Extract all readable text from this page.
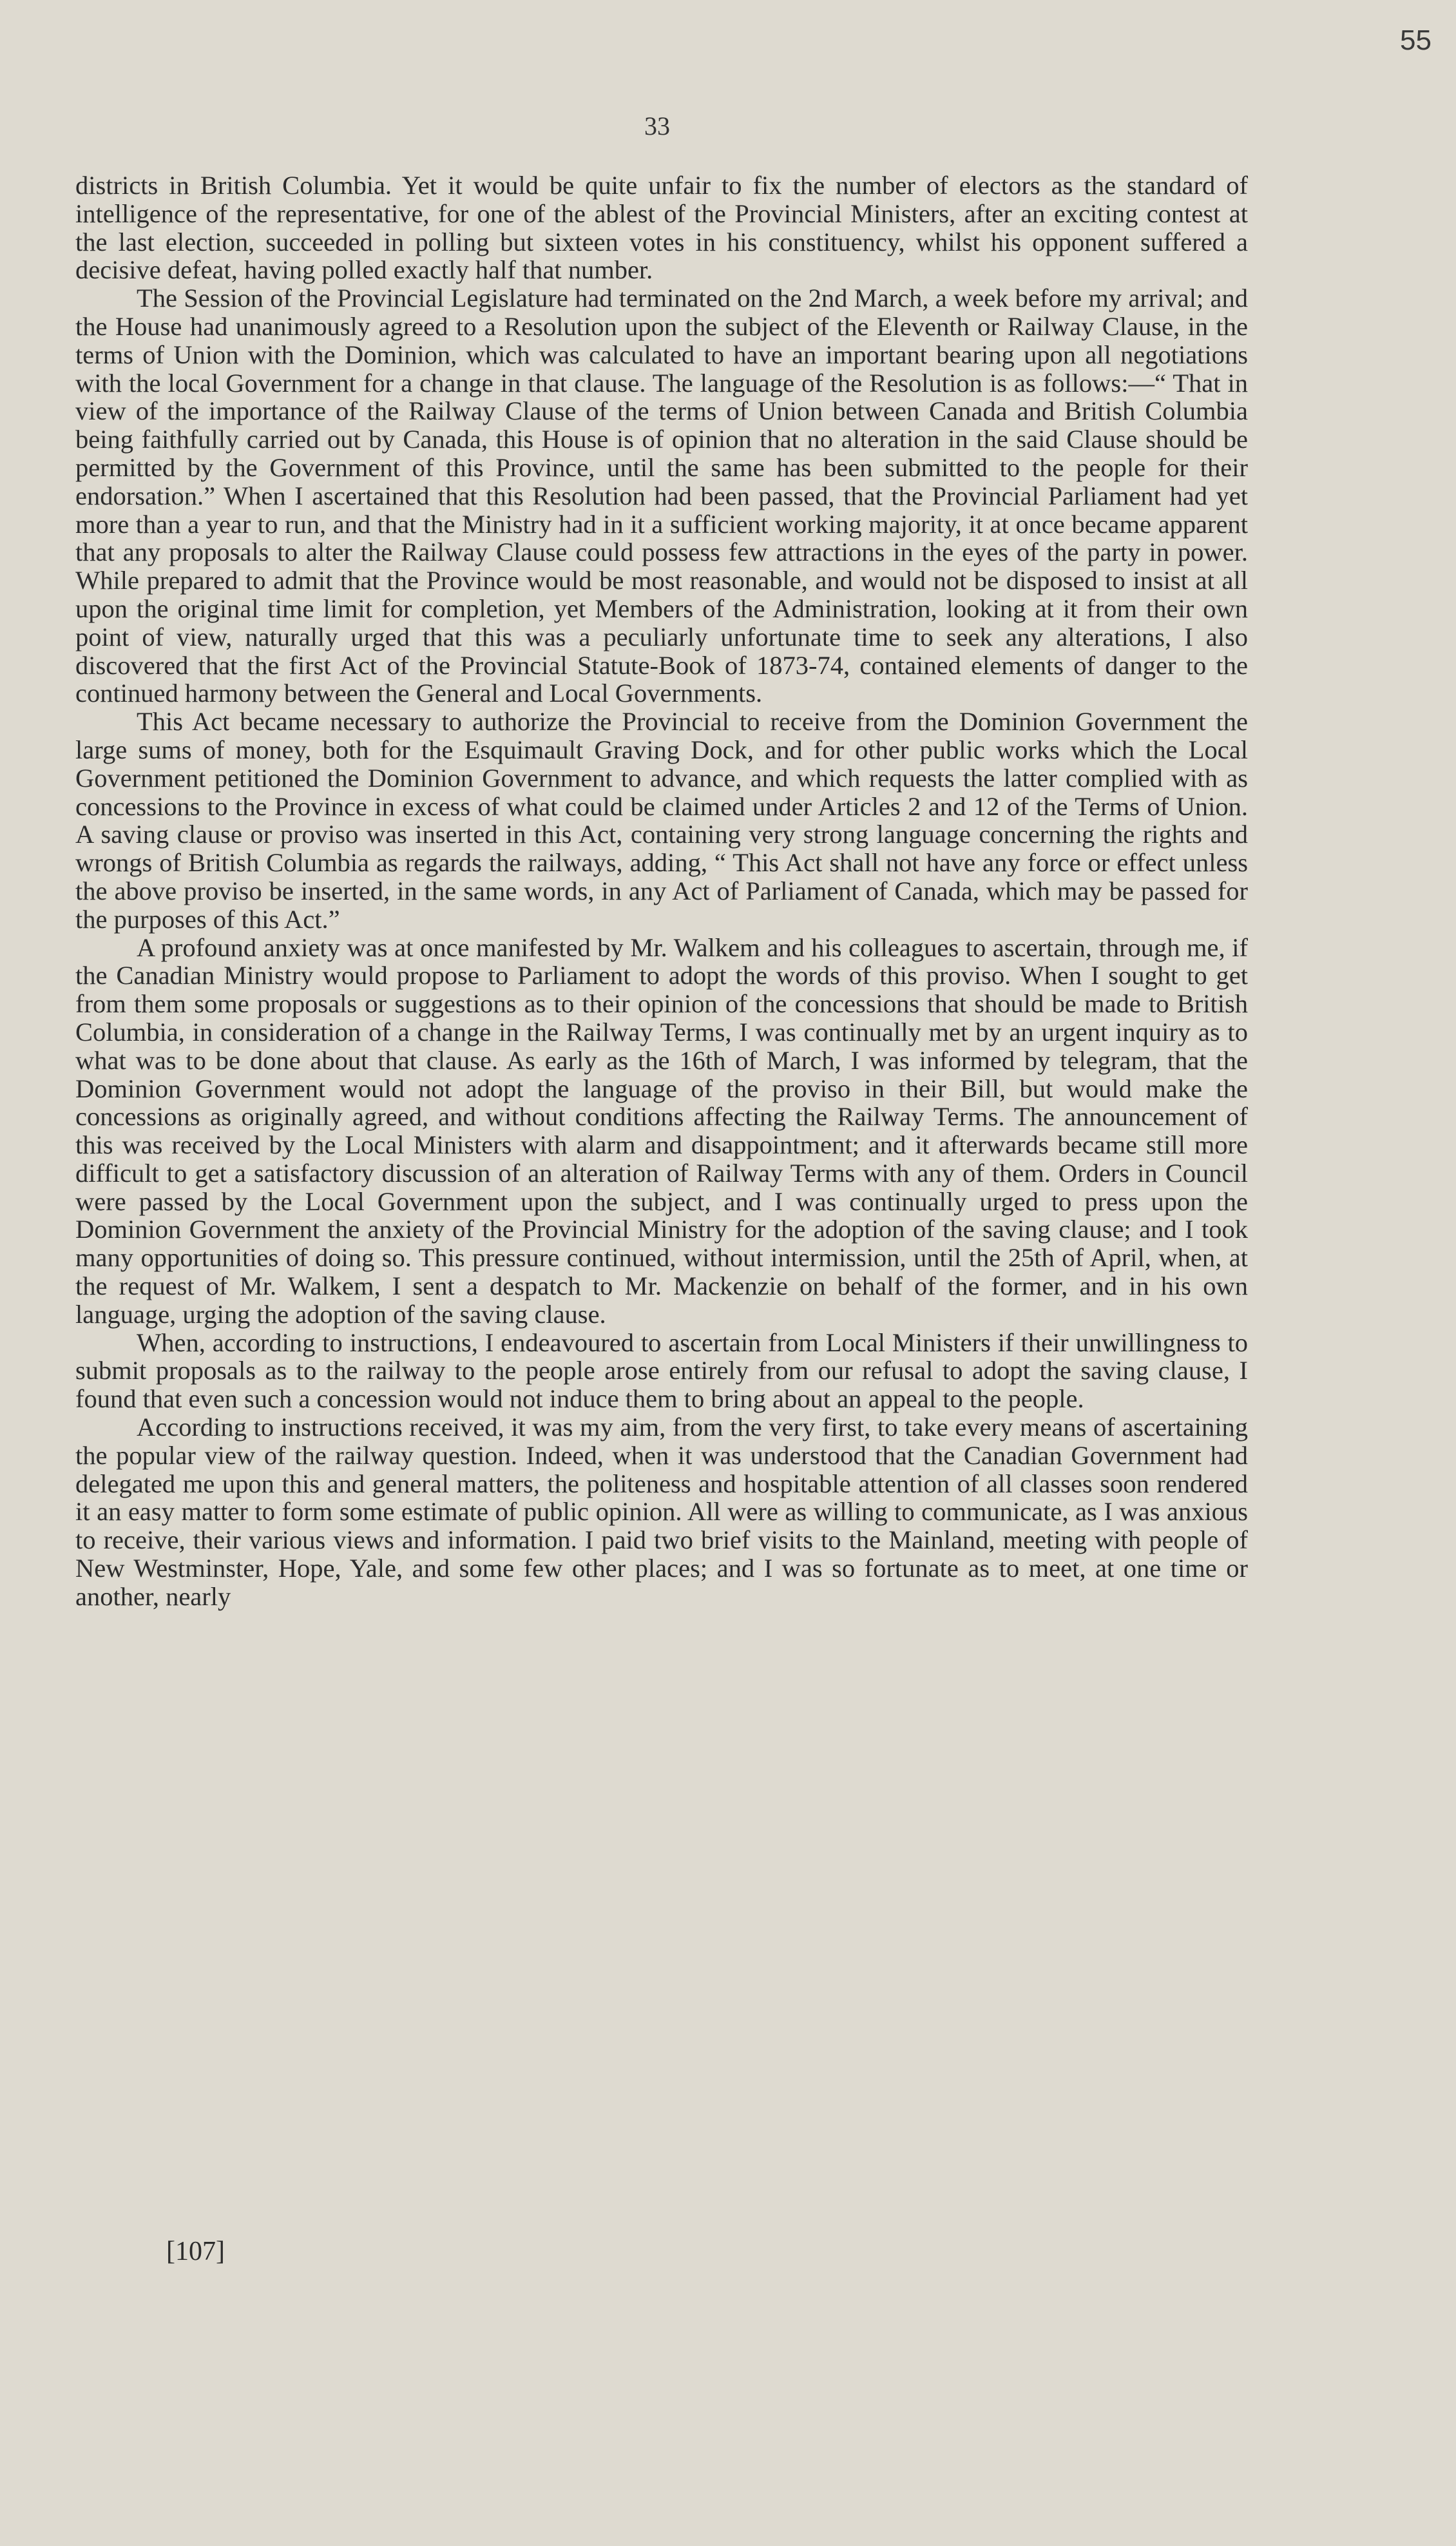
55
33

districts in British Columbia. Yet it would be quite unfair to fix the number of electors as the standard of intelligence of the representative, for one of the ablest of the Provincial Ministers, after an exciting contest at the last election, succeeded in polling but sixteen votes in his constituency, whilst his opponent suffered a decisive defeat, having polled exactly half that number.

The Session of the Provincial Legislature had terminated on the 2nd March, a week before my arrival; and the House had unanimously agreed to a Resolution upon the subject of the Eleventh or Railway Clause, in the terms of Union with the Dominion, which was calculated to have an important bearing upon all negotiations with the local Government for a change in that clause. The language of the Resolution is as follows:—“ That in view of the importance of the Railway Clause of the terms of Union between Canada and British Columbia being faithfully carried out by Canada, this House is of opinion that no alteration in the said Clause should be permitted by the Government of this Province, until the same has been submitted to the people for their endorsation.” When I ascertained that this Resolution had been passed, that the Provincial Parliament had yet more than a year to run, and that the Ministry had in it a sufficient working majority, it at once became apparent that any proposals to alter the Railway Clause could possess few attractions in the eyes of the party in power. While prepared to admit that the Province would be most reasonable, and would not be disposed to insist at all upon the original time limit for completion, yet Members of the Administration, looking at it from their own point of view, naturally urged that this was a peculiarly unfortunate time to seek any alterations, I also discovered that the first Act of the Provincial Statute-Book of 1873-74, contained elements of danger to the continued harmony between the General and Local Governments.

This Act became necessary to authorize the Provincial to receive from the Dominion Government the large sums of money, both for the Esquimault Graving Dock, and for other public works which the Local Government petitioned the Dominion Government to advance, and which requests the latter complied with as concessions to the Province in excess of what could be claimed under Articles 2 and 12 of the Terms of Union. A saving clause or proviso was inserted in this Act, containing very strong language concerning the rights and wrongs of British Columbia as regards the railways, adding, “ This Act shall not have any force or effect unless the above proviso be inserted, in the same words, in any Act of Parliament of Canada, which may be passed for the purposes of this Act.”

A profound anxiety was at once manifested by Mr. Walkem and his colleagues to ascertain, through me, if the Canadian Ministry would propose to Parliament to adopt the words of this proviso. When I sought to get from them some proposals or suggestions as to their opinion of the concessions that should be made to British Columbia, in consideration of a change in the Railway Terms, I was continually met by an urgent inquiry as to what was to be done about that clause. As early as the 16th of March, I was informed by telegram, that the Dominion Government would not adopt the language of the proviso in their Bill, but would make the concessions as originally agreed, and without conditions affecting the Railway Terms. The announcement of this was received by the Local Ministers with alarm and disappointment; and it afterwards became still more difficult to get a satisfactory discussion of an alteration of Railway Terms with any of them. Orders in Council were passed by the Local Government upon the subject, and I was continually urged to press upon the Dominion Government the anxiety of the Provincial Ministry for the adoption of the saving clause; and I took many opportunities of doing so. This pressure continued, without intermission, until the 25th of April, when, at the request of Mr. Walkem, I sent a despatch to Mr. Mackenzie on behalf of the former, and in his own language, urging the adoption of the saving clause.

When, according to instructions, I endeavoured to ascertain from Local Ministers if their unwillingness to submit proposals as to the railway to the people arose entirely from our refusal to adopt the saving clause, I found that even such a concession would not induce them to bring about an appeal to the people.

According to instructions received, it was my aim, from the very first, to take every means of ascertaining the popular view of the railway question. Indeed, when it was understood that the Canadian Government had delegated me upon this and general matters, the politeness and hospitable attention of all classes soon rendered it an easy matter to form some estimate of public opinion. All were as willing to communicate, as I was anxious to receive, their various views and information. I paid two brief visits to the Mainland, meeting with people of New Westminster, Hope, Yale, and some few other places; and I was so fortunate as to meet, at one time or another, nearly

[107]
